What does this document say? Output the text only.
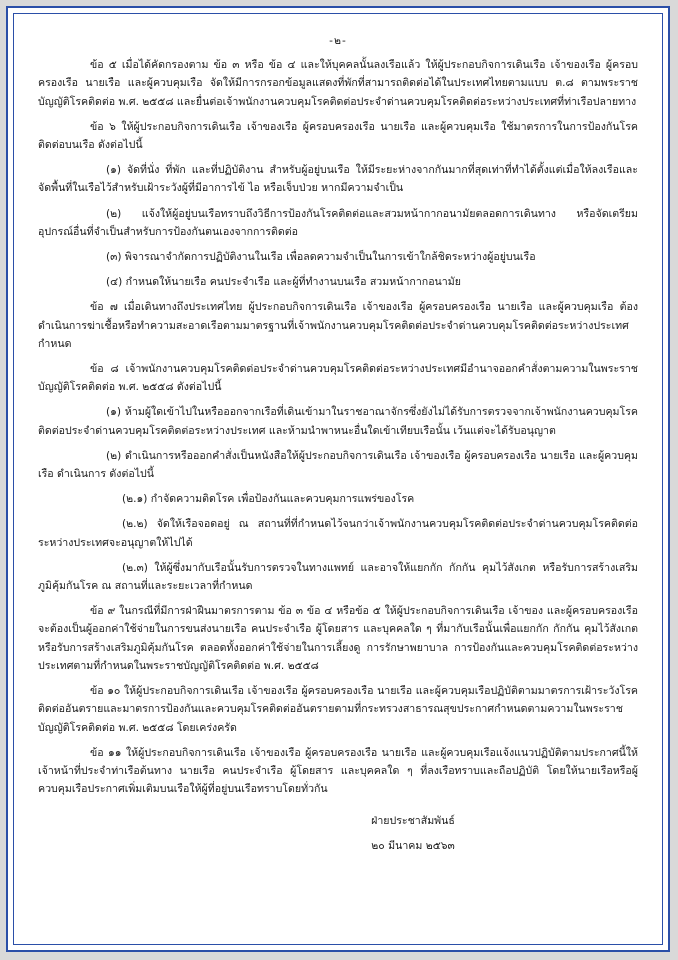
-๒-
ข้อ ๕ เมื่อได้คัดกรองตาม ข้อ ๓ หรือ ข้อ ๔ และให้บุคคลนั้นลงเรือแล้ว ให้ผู้ประกอบกิจการเดินเรือ เจ้าของเรือ ผู้ครอบครองเรือ นายเรือ และผู้ควบคุมเรือ จัดให้มีการกรอกข้อมูลแสดงที่พักที่สามารถติดต่อได้ในประเทศไทยตามแบบ ต.๘ ตามพระราชบัญญัติโรคติดต่อ พ.ศ. ๒๕๕๘ และยื่นต่อเจ้าพนักงานควบคุมโรคติดต่อประจำด่านควบคุมโรคติดต่อระหว่างประเทศที่ท่าเรือปลายทาง
ข้อ ๖ ให้ผู้ประกอบกิจการเดินเรือ เจ้าของเรือ ผู้ครอบครองเรือ นายเรือ และผู้ควบคุมเรือ ใช้มาตรการในการป้องกันโรคติดต่อบนเรือ ดังต่อไปนี้
(๑) จัดที่นั่ง ที่พัก และที่ปฏิบัติงาน สำหรับผู้อยู่บนเรือ ให้มีระยะห่างจากกันมากที่สุดเท่าที่ทำได้ตั้งแต่เมื่อให้ลงเรือและจัดพื้นที่ในเรือไว้สำหรับเฝ้าระวังผู้ที่มีอาการไข้ ไอ หรือเจ็บป่วย หากมีความจำเป็น
(๒) แจ้งให้ผู้อยู่บนเรือทราบถึงวิธีการป้องกันโรคติดต่อและสวมหน้ากากอนามัยตลอดการเดินทาง หรือจัดเตรียมอุปกรณ์อื่นที่จำเป็นสำหรับการป้องกันตนเองจากการติดต่อ
(๓) พิจารณาจำกัดการปฏิบัติงานในเรือ เพื่อลดความจำเป็นในการเข้าใกล้ชิดระหว่างผู้อยู่บนเรือ
(๔) กำหนดให้นายเรือ คนประจำเรือ และผู้ที่ทำงานบนเรือ สวมหน้ากากอนามัย
ข้อ ๗ เมื่อเดินทางถึงประเทศไทย ผู้ประกอบกิจการเดินเรือ เจ้าของเรือ ผู้ครอบครองเรือ นายเรือ และผู้ควบคุมเรือ ต้องดำเนินการฆ่าเชื้อหรือทำความสะอาดเรือตามมาตรฐานที่เจ้าพนักงานควบคุมโรคติดต่อประจำด่านควบคุมโรคติดต่อระหว่างประเทศกำหนด
ข้อ ๘ เจ้าพนักงานควบคุมโรคติดต่อประจำด่านควบคุมโรคติดต่อระหว่างประเทศมีอำนาจออกคำสั่งตามความในพระราชบัญญัติโรคติดต่อ พ.ศ. ๒๕๕๘ ดังต่อไปนี้
(๑) ห้ามผู้ใดเข้าไปในหรือออกจากเรือที่เดินเข้ามาในราชอาณาจักรซึ่งยังไม่ได้รับการตรวจจากเจ้าพนักงานควบคุมโรคติดต่อประจำด่านควบคุมโรคติดต่อระหว่างประเทศ และห้ามนำพาหนะอื่นใดเข้าเทียบเรือนั้น เว้นแต่จะได้รับอนุญาต
(๒) ดำเนินการหรือออกคำสั่งเป็นหนังสือให้ผู้ประกอบกิจการเดินเรือ เจ้าของเรือ ผู้ครอบครองเรือ นายเรือ และผู้ควบคุมเรือ ดำเนินการ ดังต่อไปนี้
(๒.๑) กำจัดความติดโรค เพื่อป้องกันและควบคุมการแพร่ของโรค
(๒.๒) จัดให้เรือจอดอยู่ ณ สถานที่ที่กำหนดไว้จนกว่าเจ้าพนักงานควบคุมโรคติดต่อประจำด่านควบคุมโรคติดต่อระหว่างประเทศจะอนุญาตให้ไปได้
(๒.๓) ให้ผู้ซึ่งมากับเรือนั้นรับการตรวจในทางแพทย์ และอาจให้แยกกัก กักกัน คุมไว้สังเกต หรือรับการสร้างเสริมภูมิคุ้มกันโรค ณ สถานที่และระยะเวลาที่กำหนด
ข้อ ๙ ในกรณีที่มีการฝ่าฝืนมาตรการตาม ข้อ ๓ ข้อ ๔ หรือข้อ ๕ ให้ผู้ประกอบกิจการเดินเรือ เจ้าของ และผู้ครอบครองเรือ จะต้องเป็นผู้ออกค่าใช้จ่ายในการขนส่งนายเรือ คนประจำเรือ ผู้โดยสาร และบุคคลใด ๆ ที่มากับเรือนั้นเพื่อแยกกัก กักกัน คุมไว้สังเกต หรือรับการสร้างเสริมภูมิคุ้มกันโรค ตลอดทั้งออกค่าใช้จ่ายในการเลี้ยงดู การรักษาพยาบาล การป้องกันและควบคุมโรคติดต่อระหว่างประเทศตามที่กำหนดในพระราชบัญญัติโรคติดต่อ พ.ศ. ๒๕๕๘
ข้อ ๑๐ ให้ผู้ประกอบกิจการเดินเรือ เจ้าของเรือ ผู้ครอบครองเรือ นายเรือ และผู้ควบคุมเรือปฏิบัติตามมาตรการเฝ้าระวังโรคติดต่ออันตรายและมาตรการป้องกันและควบคุมโรคติดต่ออันตรายตามที่กระทรวงสาธารณสุขประกาศกำหนดตามความในพระราชบัญญัติโรคติดต่อ พ.ศ. ๒๕๕๘ โดยเคร่งครัด
ข้อ ๑๑ ให้ผู้ประกอบกิจการเดินเรือ เจ้าของเรือ ผู้ครอบครองเรือ นายเรือ และผู้ควบคุมเรือแจ้งแนวปฏิบัติตามประกาศนี้ให้เจ้าหน้าที่ประจำท่าเรือต้นทาง นายเรือ คนประจำเรือ ผู้โดยสาร และบุคคลใด ๆ ที่ลงเรือทราบและถือปฏิบัติ โดยให้นายเรือหรือผู้ควบคุมเรือประกาศเพิ่มเติมบนเรือให้ผู้ที่อยู่บนเรือทราบโดยทั่วกัน
ฝ่ายประชาสัมพันธ์
๒๐ มีนาคม ๒๕๖๓
